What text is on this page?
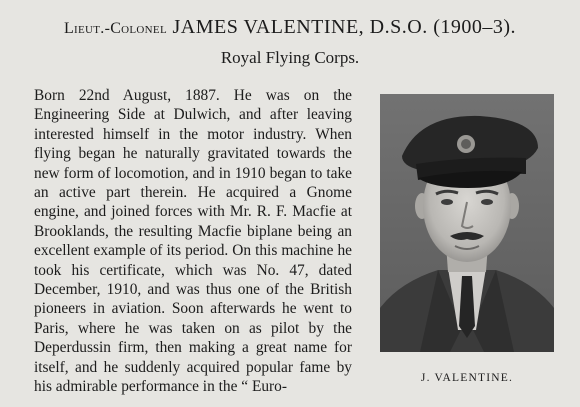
Lieut.-Colonel JAMES VALENTINE, D.S.O. (1900–3).
Royal Flying Corps.

Born 22nd August, 1887. He was on the Engineering Side at Dulwich, and after leaving interested himself in the motor industry. When flying began he naturally gravitated towards the new form of locomotion, and in 1910 began to take an active part therein. He acquired a Gnome engine, and joined forces with Mr. R. F. Macfie at Brooklands, the resulting Macfie biplane being an excellent example of its period. On this machine he took his certificate, which was No. 47, dated December, 1910, and was thus one of the British pioneers in aviation. Soon afterwards he went to Paris, where he was taken on as pilot by the Deperdussin firm, then making a great name for itself, and he suddenly acquired popular fame by his admirable performance in the “ Euro-

J. VALENTINE.
